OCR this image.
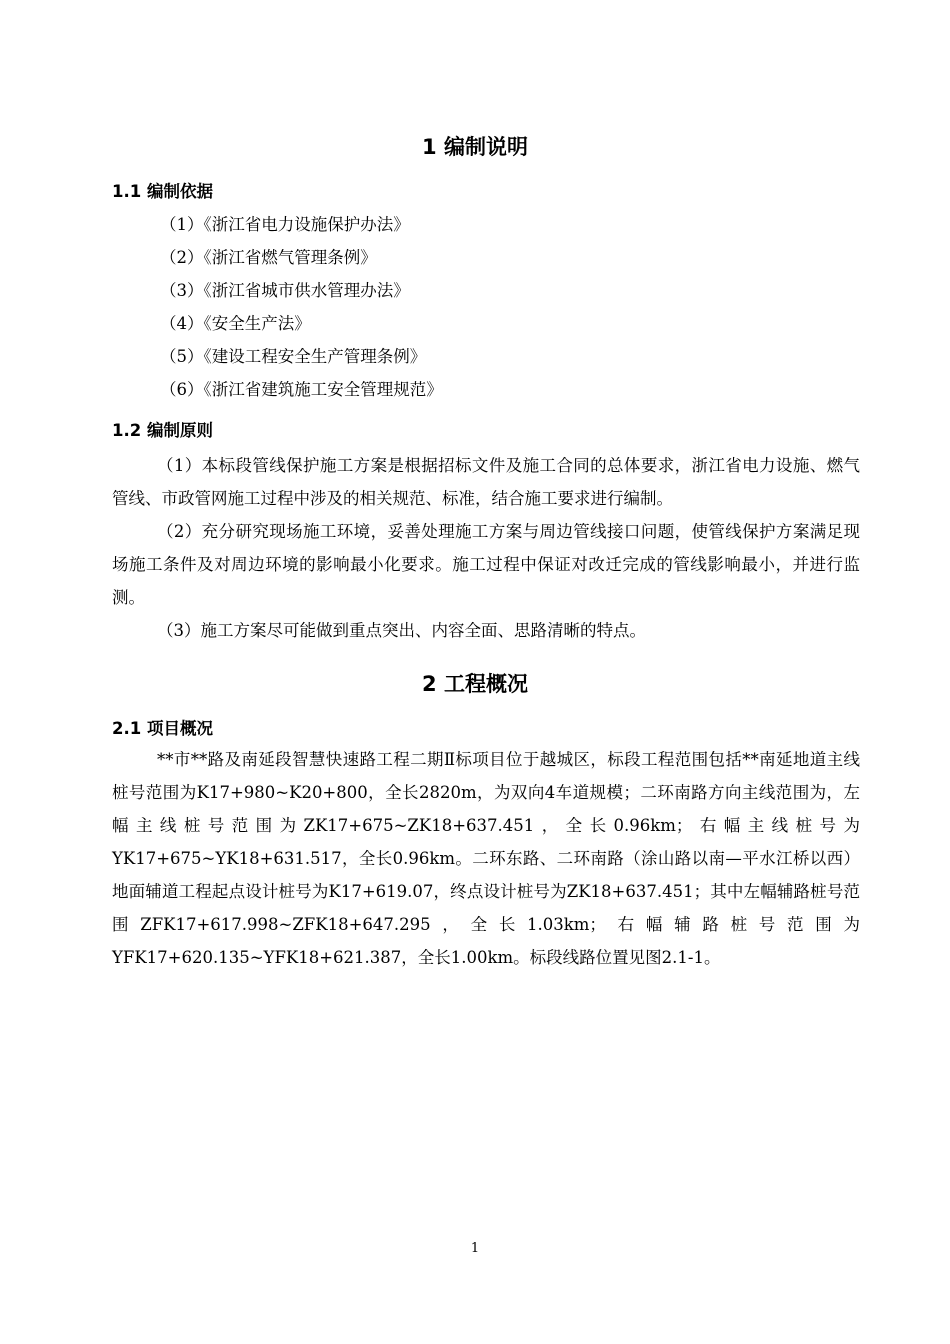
1 编制说明
1.1 编制依据

（1）《浙江省电力设施保护办法》

（2）《浙江省燃气管理条例》

（3）《浙江省城市供水管理办法》

（4）《安全生产法》

（5）《建设工程安全生产管理条例》

（6）《浙江省建筑施工安全管理规范》

1.2 编制原则

（1）本标段管线保护施工方案是根据招标文件及施工合同的总体要求，浙江省电力设施、燃气管线、市政管网施工过程中涉及的相关规范、标准，结合施工要求进行编制。

（2）充分研究现场施工环境，妥善处理施工方案与周边管线接口问题，使管线保护方案满足现场施工条件及对周边环境的影响最小化要求。施工过程中保证对改迁完成的管线影响最小，并进行监测。

（3）施工方案尽可能做到重点突出、内容全面、思路清晰的特点。

2 工程概况
2.1 项目概况

**市**路及南延段智慧快速路工程二期Ⅱ标项目位于越城区，标段工程范围包括**南延地道主线桩号范围为K17+980~K20+800，全长2820m，为双向4车道规模；二环南路方向主线范围为，左幅主线桩号范围为ZK17+675~ZK18+637.451，全长0.96km；右幅主线桩号为YK17+675~YK18+631.517，全长0.96km。二环东路、二环南路（涂山路以南—平水江桥以西）地面辅道工程起点设计桩号为K17+619.07，终点设计桩号为ZK18+637.451；其中左幅辅路桩号范围ZFK17+617.998~ZFK18+647.295，全长1.03km；右幅辅路桩号范围为YFK17+620.135~YFK18+621.387，全长1.00km。标段线路位置见图2.1-1。

1
